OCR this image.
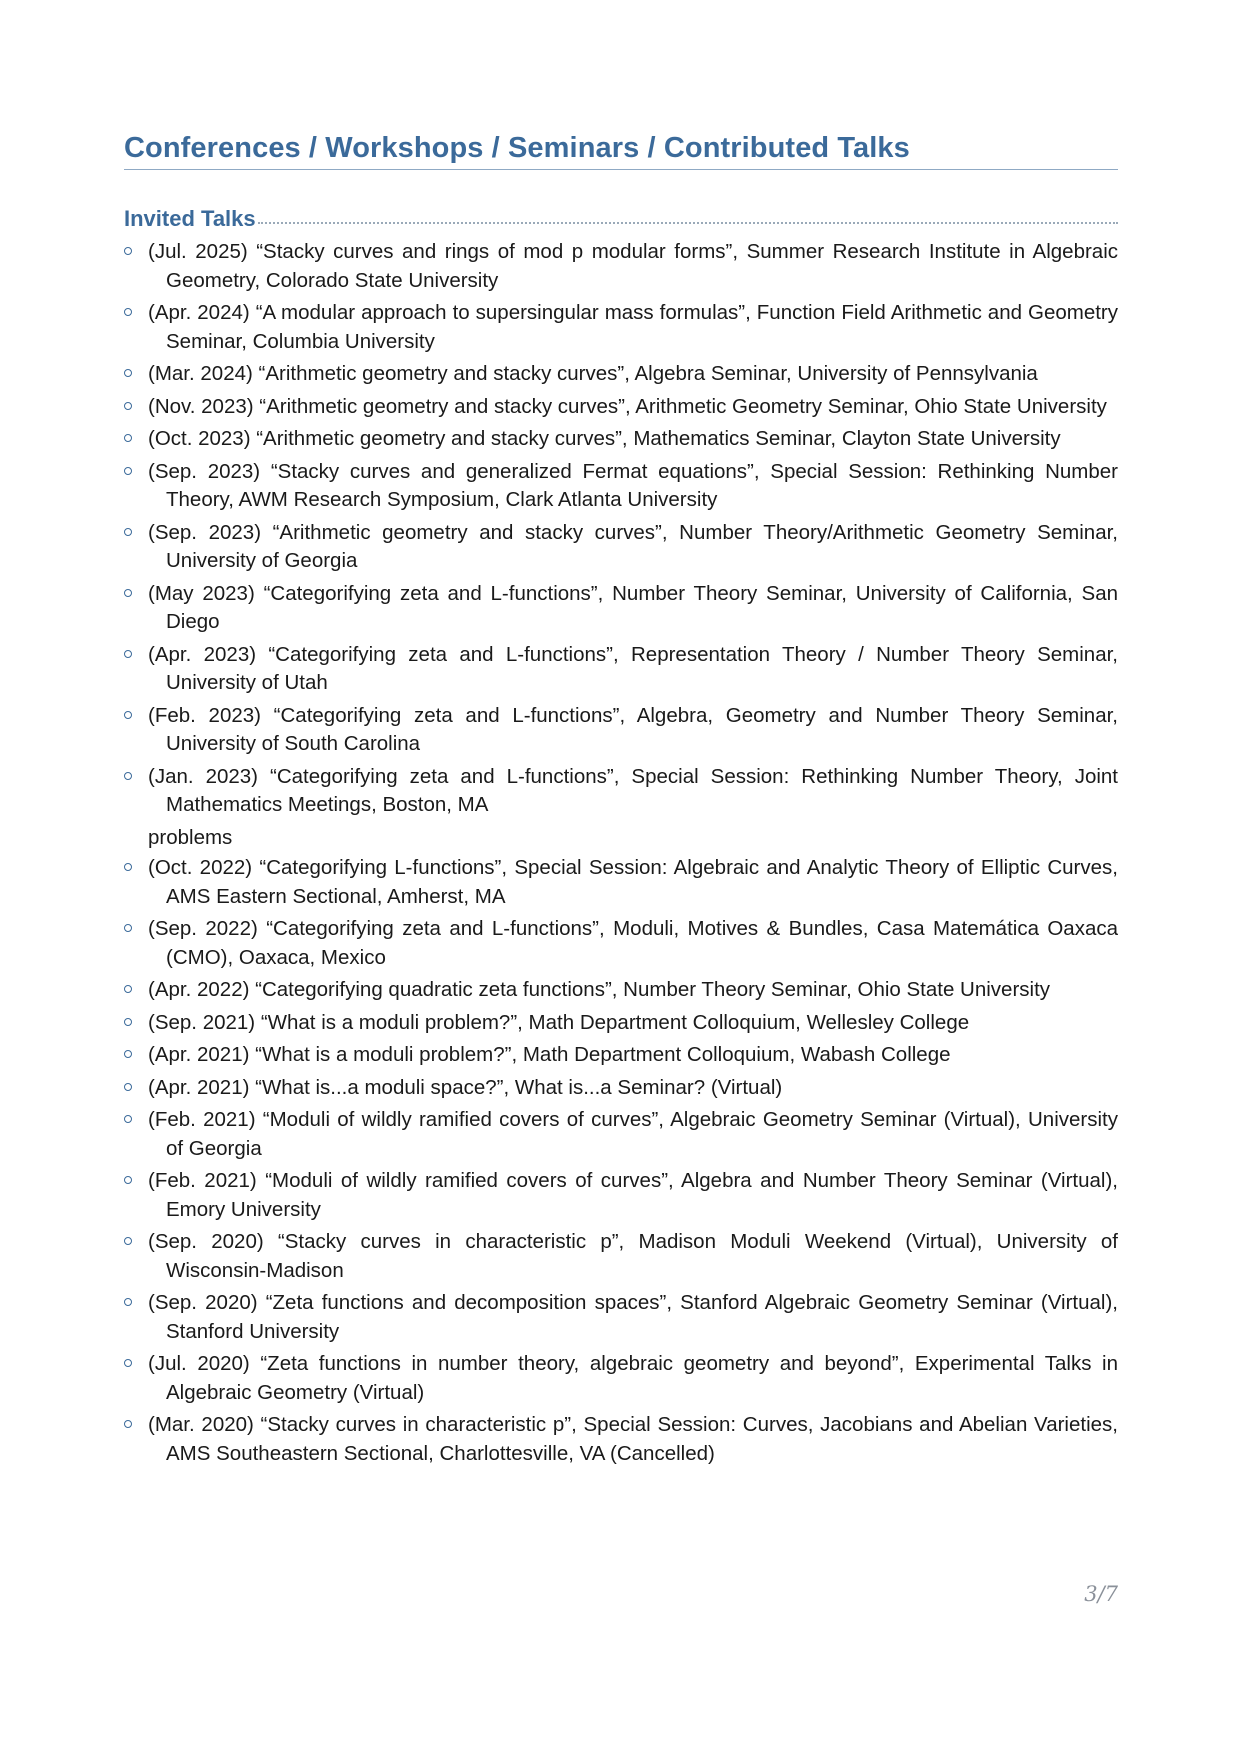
Conferences / Workshops / Seminars / Contributed Talks
Invited Talks
(Jul. 2025) “Stacky curves and rings of mod p modular forms”, Summer Research Institute in Algebraic Geometry, Colorado State University
(Apr. 2024) “A modular approach to supersingular mass formulas”, Function Field Arithmetic and Geometry Seminar, Columbia University
(Mar. 2024) “Arithmetic geometry and stacky curves”, Algebra Seminar, University of Pennsylvania
(Nov. 2023) “Arithmetic geometry and stacky curves”, Arithmetic Geometry Seminar, Ohio State University
(Oct. 2023) “Arithmetic geometry and stacky curves”, Mathematics Seminar, Clayton State University
(Sep. 2023) “Stacky curves and generalized Fermat equations”, Special Session: Rethinking Number Theory, AWM Research Symposium, Clark Atlanta University
(Sep. 2023) “Arithmetic geometry and stacky curves”, Number Theory/Arithmetic Geometry Seminar, University of Georgia
(May 2023) “Categorifying zeta and L-functions”, Number Theory Seminar, University of California, San Diego
(Apr. 2023) “Categorifying zeta and L-functions”, Representation Theory / Number Theory Seminar, University of Utah
(Feb. 2023) “Categorifying zeta and L-functions”, Algebra, Geometry and Number Theory Seminar, University of South Carolina
(Jan. 2023) “Categorifying zeta and L-functions”, Special Session: Rethinking Number Theory, Joint Mathematics Meetings, Boston, MA
problems
(Oct. 2022) “Categorifying L-functions”, Special Session: Algebraic and Analytic Theory of Elliptic Curves, AMS Eastern Sectional, Amherst, MA
(Sep. 2022) “Categorifying zeta and L-functions”, Moduli, Motives & Bundles, Casa Matemática Oaxaca (CMO), Oaxaca, Mexico
(Apr. 2022) “Categorifying quadratic zeta functions”, Number Theory Seminar, Ohio State University
(Sep. 2021) “What is a moduli problem?”, Math Department Colloquium, Wellesley College
(Apr. 2021) “What is a moduli problem?”, Math Department Colloquium, Wabash College
(Apr. 2021) “What is...a moduli space?”, What is...a Seminar? (Virtual)
(Feb. 2021) “Moduli of wildly ramified covers of curves”, Algebraic Geometry Seminar (Virtual), University of Georgia
(Feb. 2021) “Moduli of wildly ramified covers of curves”, Algebra and Number Theory Seminar (Virtual), Emory University
(Sep. 2020) “Stacky curves in characteristic p”, Madison Moduli Weekend (Virtual), University of Wisconsin-Madison
(Sep. 2020) “Zeta functions and decomposition spaces”, Stanford Algebraic Geometry Seminar (Virtual), Stanford University
(Jul. 2020) “Zeta functions in number theory, algebraic geometry and beyond”, Experimental Talks in Algebraic Geometry (Virtual)
(Mar. 2020) “Stacky curves in characteristic p”, Special Session: Curves, Jacobians and Abelian Varieties, AMS Southeastern Sectional, Charlottesville, VA (Cancelled)
3/7
